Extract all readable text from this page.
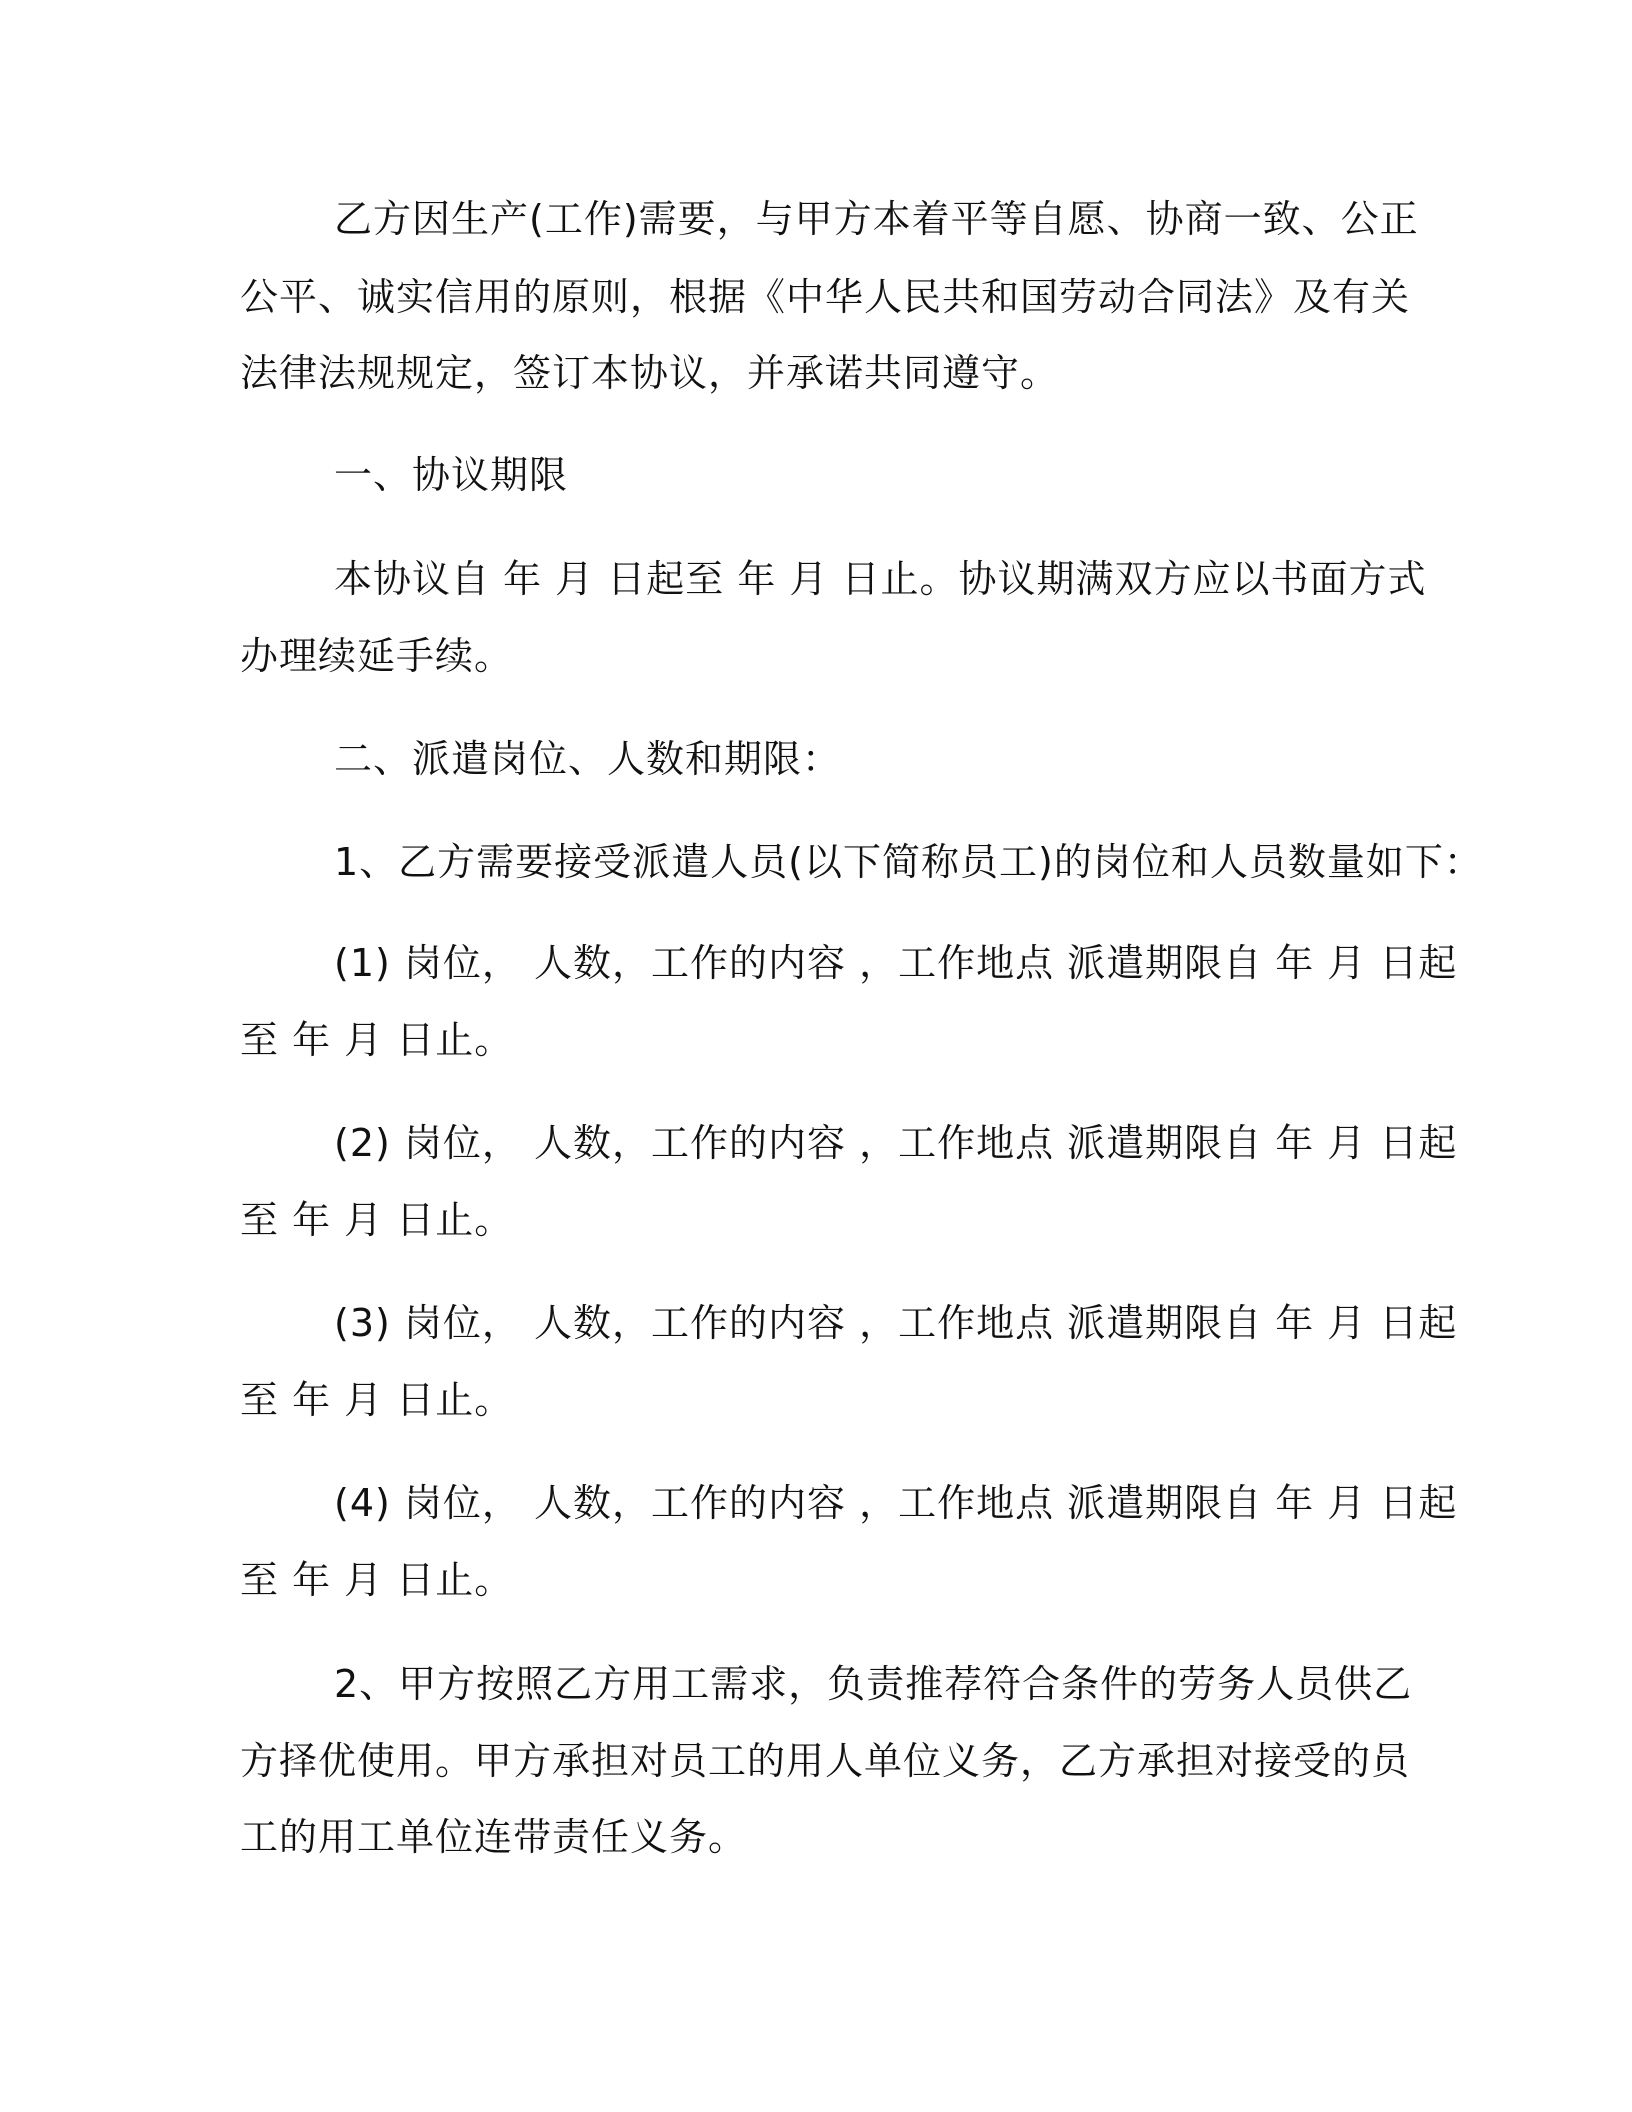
乙方因生产(工作)需要，与甲方本着平等自愿、协商一致、公正
公平、诚实信用的原则，根据《中华人民共和国劳动合同法》及有关
法律法规规定，签订本协议，并承诺共同遵守。
一、协议期限
本协议自 年 月 日起至 年 月 日止。协议期满双方应以书面方式
办理续延手续。
二、派遣岗位、人数和期限：
1、乙方需要接受派遣人员(以下简称员工)的岗位和人员数量如下：
(1) 岗位， 人数，工作的内容 ，工作地点 派遣期限自 年 月 日起
至 年 月 日止。
(2) 岗位， 人数，工作的内容 ，工作地点 派遣期限自 年 月 日起
至 年 月 日止。
(3) 岗位， 人数，工作的内容 ，工作地点 派遣期限自 年 月 日起
至 年 月 日止。
(4) 岗位， 人数，工作的内容 ，工作地点 派遣期限自 年 月 日起
至 年 月 日止。
2、甲方按照乙方用工需求，负责推荐符合条件的劳务人员供乙
方择优使用。甲方承担对员工的用人单位义务，乙方承担对接受的员
工的用工单位连带责任义务。
